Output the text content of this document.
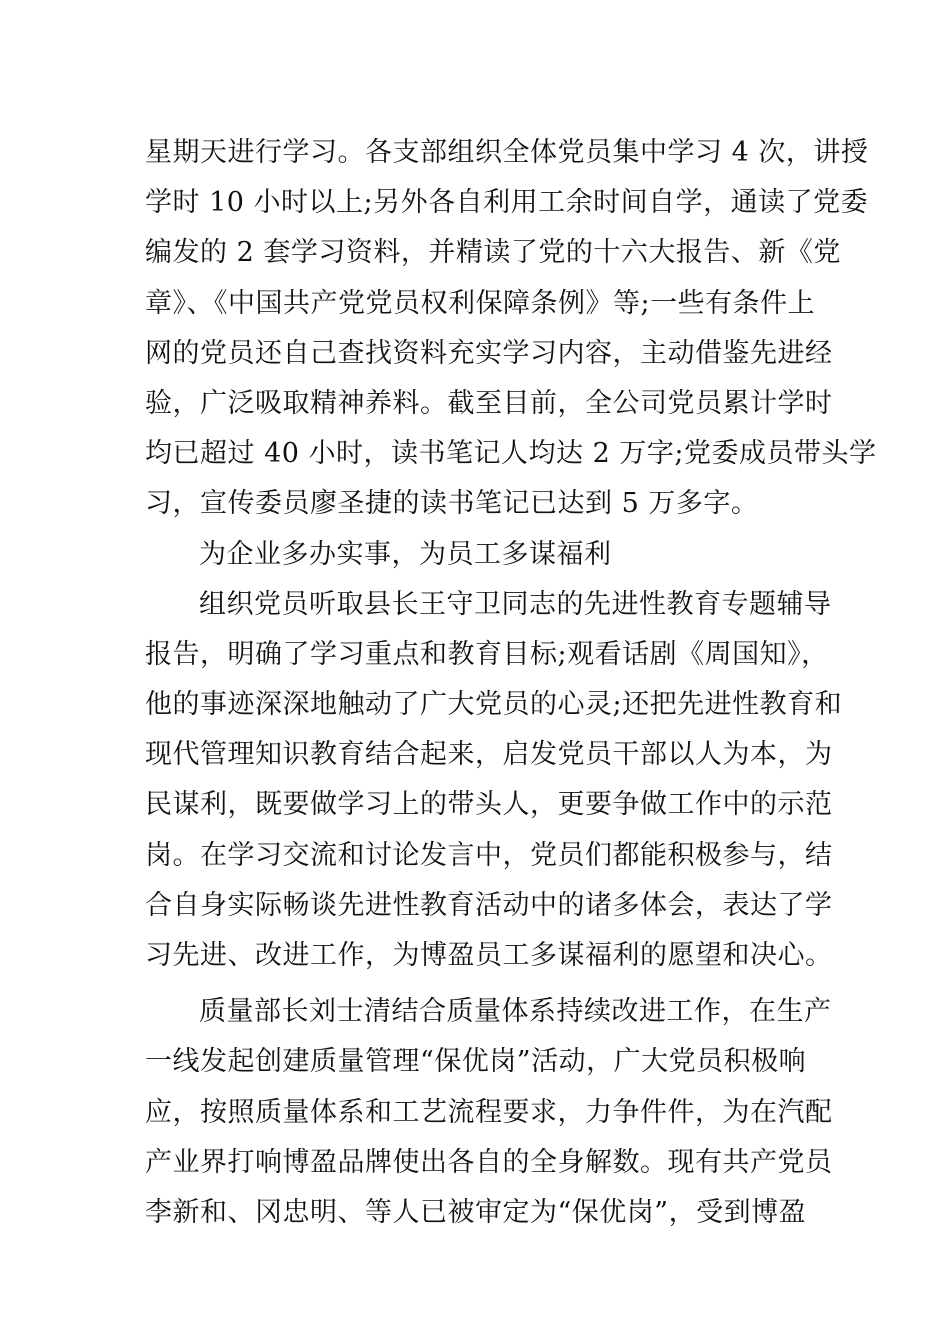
星期天进行学习。各支部组织全体党员集中学习 4 次，讲授
学时 10 小时以上;另外各自利用工余时间自学，通读了党委
编发的 2 套学习资料，并精读了党的十六大报告、新《党
章》、《中国共产党党员权利保障条例》等;一些有条件上
网的党员还自己查找资料充实学习内容，主动借鉴先进经
验，广泛吸取精神养料。截至目前，全公司党员累计学时
均已超过 40 小时，读书笔记人均达 2 万字;党委成员带头学
习，宣传委员廖圣捷的读书笔记已达到 5 万多字。
为企业多办实事，为员工多谋福利
组织党员听取县长王守卫同志的先进性教育专题辅导
报告，明确了学习重点和教育目标;观看话剧《周国知》，
他的事迹深深地触动了广大党员的心灵;还把先进性教育和
现代管理知识教育结合起来，启发党员干部以人为本，为
民谋利，既要做学习上的带头人，更要争做工作中的示范
岗。在学习交流和讨论发言中，党员们都能积极参与，结
合自身实际畅谈先进性教育活动中的诸多体会，表达了学
习先进、改进工作，为博盈员工多谋福利的愿望和决心。
质量部长刘士清结合质量体系持续改进工作，在生产
一线发起创建质量管理“保优岗”活动，广大党员积极响
应，按照质量体系和工艺流程要求，力争件件，为在汽配
产业界打响博盈品牌使出各自的全身解数。现有共产党员
李新和、冈忠明、等人已被审定为“保优岗”，受到博盈
